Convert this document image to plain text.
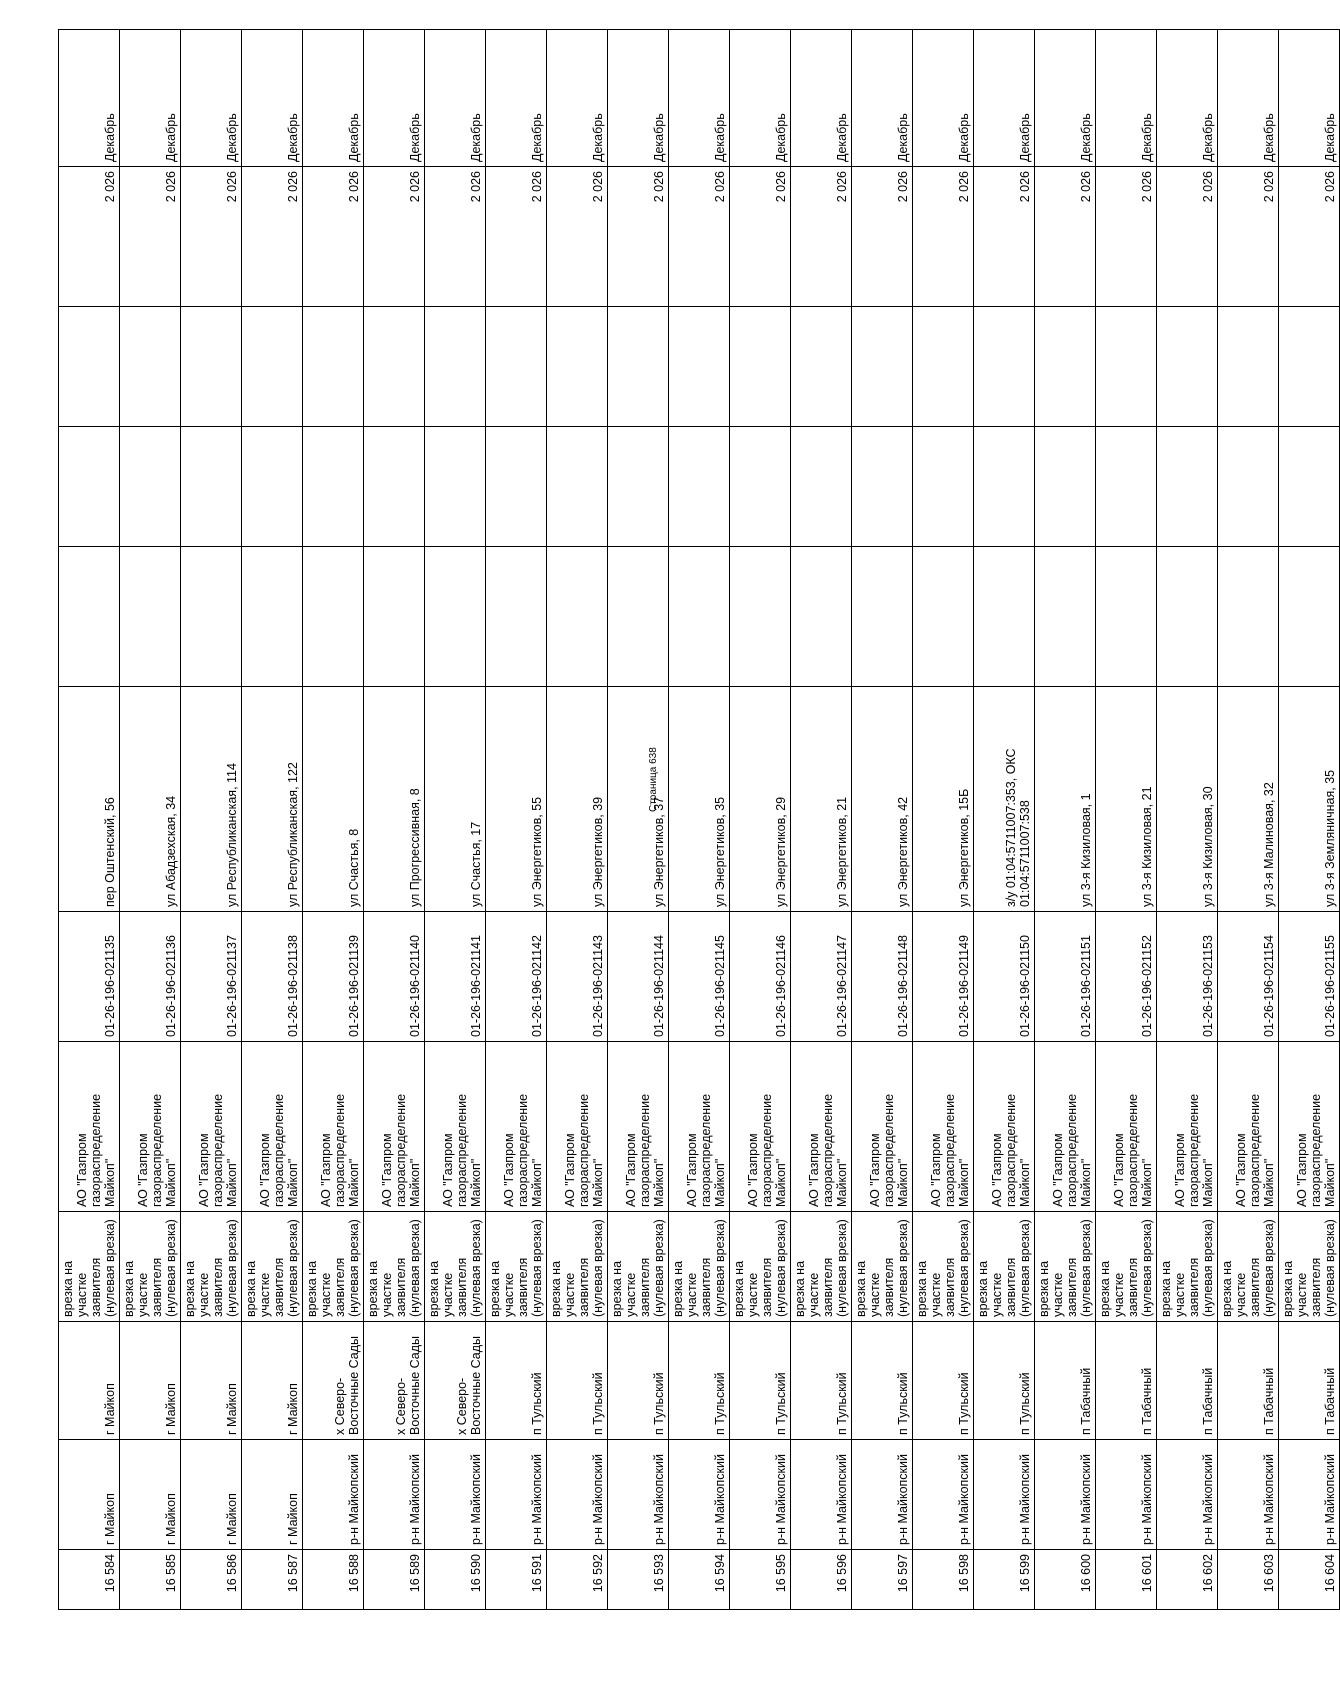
16 584	г Майкоп	г Майкоп	врезка на участке заявителя (нулевая врезка)	АО "Газпром газораспределение Майкоп"	01-26-196-021135	пер Оштенский, 56				2 026	Декабрь
16 585	г Майкоп	г Майкоп	врезка на участке заявителя (нулевая врезка)	АО "Газпром газораспределение Майкоп"	01-26-196-021136	ул Абадзехская, 34				2 026	Декабрь
16 586	г Майкоп	г Майкоп	врезка на участке заявителя (нулевая врезка)	АО "Газпром газораспределение Майкоп"	01-26-196-021137	ул Республиканская, 114				2 026	Декабрь
16 587	г Майкоп	г Майкоп	врезка на участке заявителя (нулевая врезка)	АО "Газпром газораспределение Майкоп"	01-26-196-021138	ул Республиканская, 122				2 026	Декабрь
16 588	р-н Майкопский	х Северо-Восточные Сады	врезка на участке заявителя (нулевая врезка)	АО "Газпром газораспределение Майкоп"	01-26-196-021139	ул Счастья, 8				2 026	Декабрь
16 589	р-н Майкопский	х Северо-Восточные Сады	врезка на участке заявителя (нулевая врезка)	АО "Газпром газораспределение Майкоп"	01-26-196-021140	ул Прогрессивная, 8				2 026	Декабрь
16 590	р-н Майкопский	х Северо-Восточные Сады	врезка на участке заявителя (нулевая врезка)	АО "Газпром газораспределение Майкоп"	01-26-196-021141	ул Счастья, 17				2 026	Декабрь
16 591	р-н Майкопский	п Тульский	врезка на участке заявителя (нулевая врезка)	АО "Газпром газораспределение Майкоп"	01-26-196-021142	ул Энергетиков, 55				2 026	Декабрь
16 592	р-н Майкопский	п Тульский	врезка на участке заявителя (нулевая врезка)	АО "Газпром газораспределение Майкоп"	01-26-196-021143	ул Энергетиков, 39				2 026	Декабрь
16 593	р-н Майкопский	п Тульский	врезка на участке заявителя (нулевая врезка)	АО "Газпром газораспределение Майкоп"	01-26-196-021144	ул Энергетиков, 37				2 026	Декабрь
16 594	р-н Майкопский	п Тульский	врезка на участке заявителя (нулевая врезка)	АО "Газпром газораспределение Майкоп"	01-26-196-021145	ул Энергетиков, 35				2 026	Декабрь
16 595	р-н Майкопский	п Тульский	врезка на участке заявителя (нулевая врезка)	АО "Газпром газораспределение Майкоп"	01-26-196-021146	ул Энергетиков, 29				2 026	Декабрь
16 596	р-н Майкопский	п Тульский	врезка на участке заявителя (нулевая врезка)	АО "Газпром газораспределение Майкоп"	01-26-196-021147	ул Энергетиков, 21				2 026	Декабрь
16 597	р-н Майкопский	п Тульский	врезка на участке заявителя (нулевая врезка)	АО "Газпром газораспределение Майкоп"	01-26-196-021148	ул Энергетиков, 42				2 026	Декабрь
16 598	р-н Майкопский	п Тульский	врезка на участке заявителя (нулевая врезка)	АО "Газпром газораспределение Майкоп"	01-26-196-021149	ул Энергетиков, 15Б				2 026	Декабрь
16 599	р-н Майкопский	п Тульский	врезка на участке заявителя (нулевая врезка)	АО "Газпром газораспределение Майкоп"	01-26-196-021150	з/у 01:04:5711007:353, ОКС 01:04:5711007:538				2 026	Декабрь
16 600	р-н Майкопский	п Табачный	врезка на участке заявителя (нулевая врезка)	АО "Газпром газораспределение Майкоп"	01-26-196-021151	ул 3-я Кизиловая, 1				2 026	Декабрь
16 601	р-н Майкопский	п Табачный	врезка на участке заявителя (нулевая врезка)	АО "Газпром газораспределение Майкоп"	01-26-196-021152	ул 3-я Кизиловая, 21				2 026	Декабрь
16 602	р-н Майкопский	п Табачный	врезка на участке заявителя (нулевая врезка)	АО "Газпром газораспределение Майкоп"	01-26-196-021153	ул 3-я Кизиловая, 30				2 026	Декабрь
16 603	р-н Майкопский	п Табачный	врезка на участке заявителя (нулевая врезка)	АО "Газпром газораспределение Майкоп"	01-26-196-021154	ул 3-я Малиновая, 32				2 026	Декабрь
16 604	р-н Майкопский	п Табачный	врезка на участке заявителя (нулевая врезка)	АО "Газпром газораспределение Майкоп"	01-26-196-021155	ул 3-я Земляничная, 35				2 026	Декабрь
Страница 638
